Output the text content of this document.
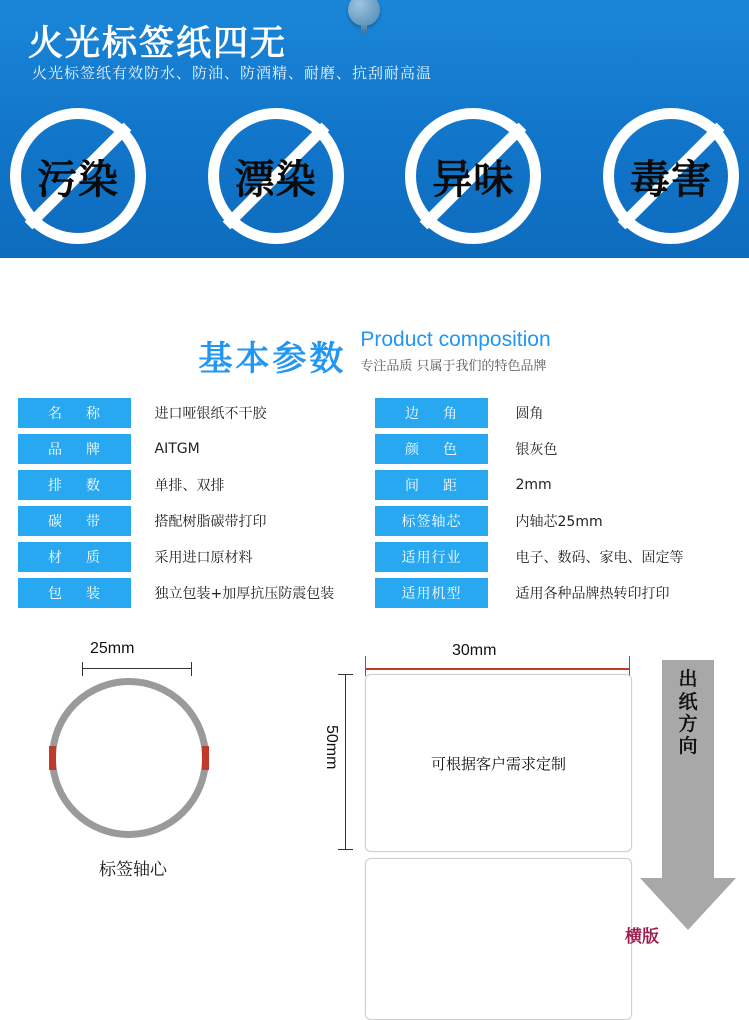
火光标签纸四无
火光标签纸有效防水、防油、防酒精、耐磨、抗刮耐高温
污染	漂染	异味	毒害
基本参数 Product composition
专注品质 只属于我们的特色品牌
名　称	进口哑银纸不干胶	边　角	圆角
品　牌	AITGM	颜　色	银灰色
排　数	单排、双排	间　距	2mm
碳　带	搭配树脂碳带打印	标签轴芯	内轴芯25mm
材　质	采用进口原材料	适用行业	电子、数码、家电、固定等
包　装	独立包装+加厚抗压防震包装	适用机型	适用各种品牌热转印打印
25mm
标签轴心
30mm
50mm	可根据客户需求定制
出纸方向
横版
